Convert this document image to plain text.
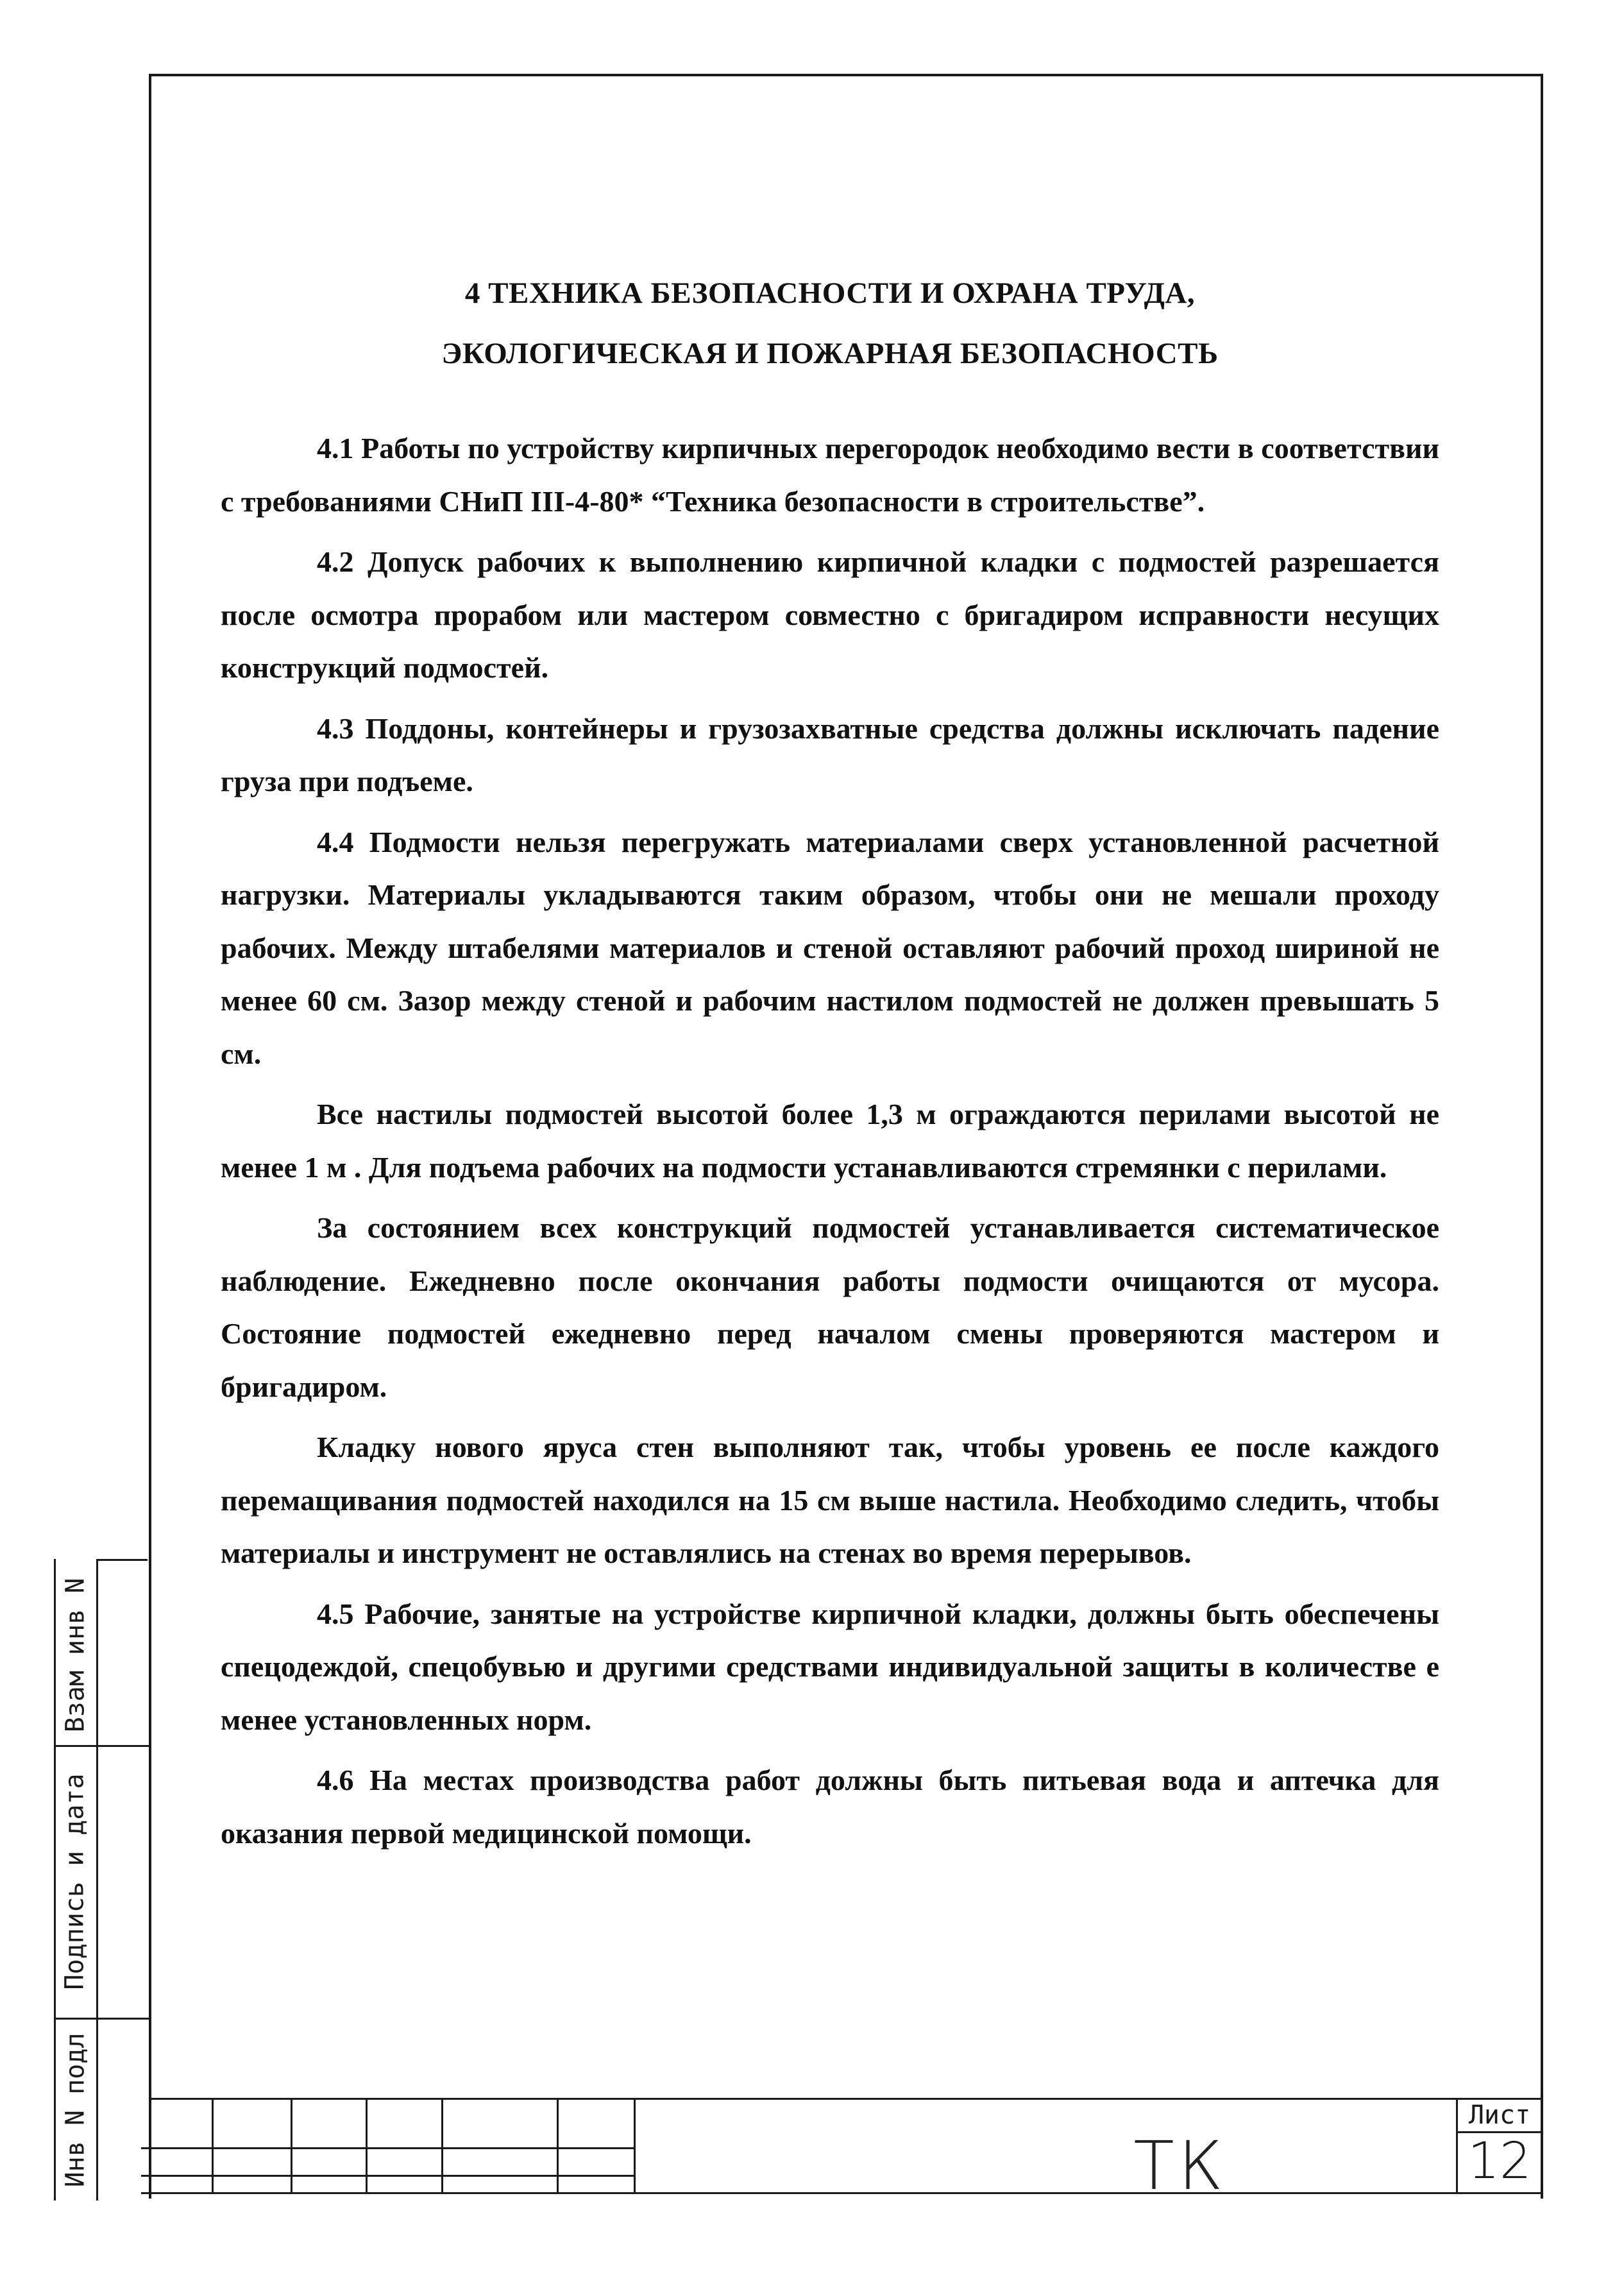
4 ТЕХНИКА БЕЗОПАСНОСТИ И ОХРАНА ТРУДА,
ЭКОЛОГИЧЕСКАЯ И ПОЖАРНАЯ БЕЗОПАСНОСТЬ

4.1 Работы по устройству кирпичных перегородок необходимо вести в соответствии с требованиями СНиП III-4-80* “Техника безопасности в строительстве”.

4.2 Допуск рабочих к выполнению кирпичной кладки с подмостей разрешается после осмотра прорабом или мастером совместно с бригадиром исправности несущих конструкций подмостей.

4.3 Поддоны, контейнеры и грузозахватные средства должны исключать падение груза при подъеме.

4.4 Подмости нельзя перегружать материалами сверх установленной расчетной нагрузки. Материалы укладываются таким образом, чтобы они не мешали проходу рабочих. Между штабелями материалов и стеной оставляют рабочий проход шириной не менее 60 см. Зазор между стеной и рабочим настилом подмостей не должен превышать 5 см.

Все настилы подмостей высотой более 1,3 м ограждаются перилами высотой не менее 1 м . Для подъема рабочих на подмости устанавливаются стремянки с перилами.

За состоянием всех конструкций подмостей устанавливается систематическое наблюдение. Ежедневно после окончания работы подмости очищаются от мусора. Состояние подмостей ежедневно перед началом смены проверяются мастером и бригадиром.

Кладку нового яруса стен выполняют так, чтобы уровень ее после каждого перемащивания подмостей находился на 15 см выше настила. Необходимо следить, чтобы материалы и инструмент не оставлялись на стенах во время перерывов.

4.5 Рабочие, занятые на устройстве кирпичной кладки, должны быть обеспечены спецодеждой, спецобувью и другими средствами индивидуальной защиты в количестве е менее установленных норм.

4.6 На местах производства работ должны быть питьевая вода и аптечка для оказания первой медицинской помощи.

Взам инв N
Подпись и дата
Инв N подл	ТК
Лист
12
